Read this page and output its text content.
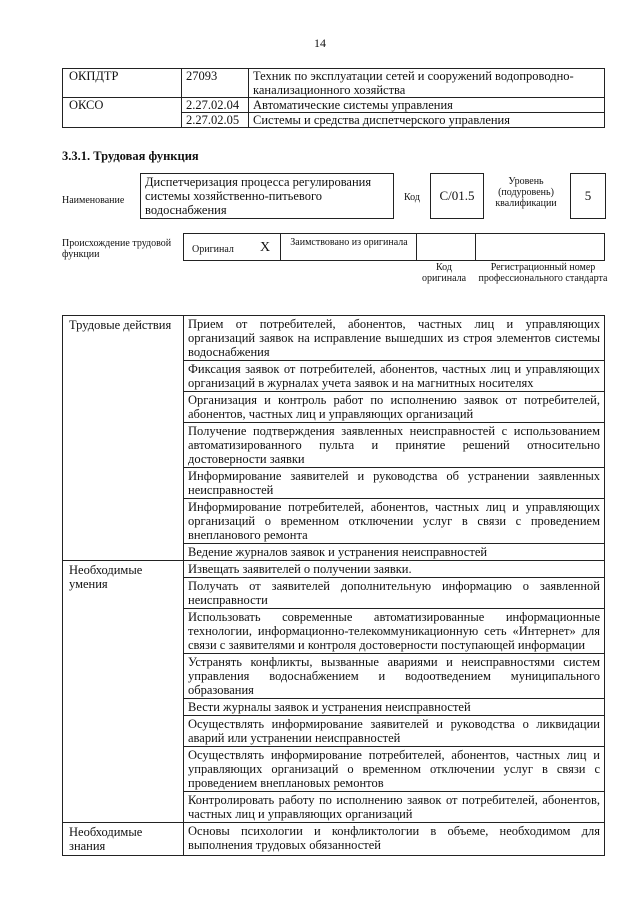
14
ОКПДТР	27093	Техник по эксплуатации сетей и сооружений водопроводно-канализационного хозяйства
ОКСО	2.27.02.04	Автоматические системы управления
	2.27.02.05	Системы и средства диспетчерского управления
3.3.1. Трудовая функция
Наименование
Диспетчеризация процесса регулирования системы хозяйственно-питьевого водоснабжения
Код	C/01.5
Уровень (подуровень) квалификации
5
Происхождение трудовой функции	Оригинал X	Заимствовано из оригинала
Код оригинала
Регистрационный номер профессионального стандарта
Трудовые действия	Прием от потребителей, абонентов, частных лиц и управляющих организаций заявок на исправление вышедших из строя элементов системы водоснабжения
	Фиксация заявок от потребителей, абонентов, частных лиц и управляющих организаций в журналах учета заявок и на магнитных носителях
	Организация и контроль работ по исполнению заявок от потребителей, абонентов, частных лиц и управляющих организаций
	Получение подтверждения заявленных неисправностей с использованием автоматизированного пульта и принятие решений относительно достоверности заявки
	Информирование заявителей и руководства об устранении заявленных неисправностей
	Информирование потребителей, абонентов, частных лиц и управляющих организаций о временном отключении услуг в связи с проведением внепланового ремонта
	Ведение журналов заявок и устранения неисправностей
Необходимые умения	Извещать заявителей о получении заявки.
	Получать от заявителей дополнительную информацию о заявленной неисправности
	Использовать современные автоматизированные информационные технологии, информационно-телекоммуникационную сеть «Интернет» для связи с заявителями и контроля достоверности поступающей информации
	Устранять конфликты, вызванные авариями и неисправностями систем управления водоснабжением и водоотведением муниципального образования
	Вести журналы заявок и устранения неисправностей
	Осуществлять информирование заявителей и руководства о ликвидации аварий или устранении неисправностей
	Осуществлять информирование потребителей, абонентов, частных лиц и управляющих организаций о временном отключении услуг в связи с проведением внеплановых ремонтов
	Контролировать работу по исполнению заявок от потребителей, абонентов, частных лиц и управляющих организаций
Необходимые знания	Основы психологии и конфликтологии в объеме, необходимом для выполнения трудовых обязанностей
